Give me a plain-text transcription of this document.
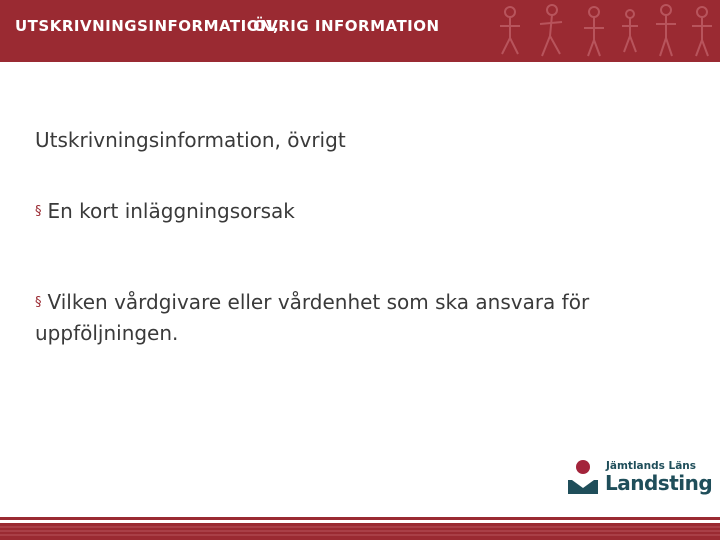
UTSKRIVNINGSINFORMATION,ÖVRIG INFORMATION

Utskrivningsinformation, övrigt

§ En kort inläggningsorsak

§ Vilken vårdgivare eller vårdenhet som ska ansvara för uppföljningen.

Jämtlands Läns
Landsting
